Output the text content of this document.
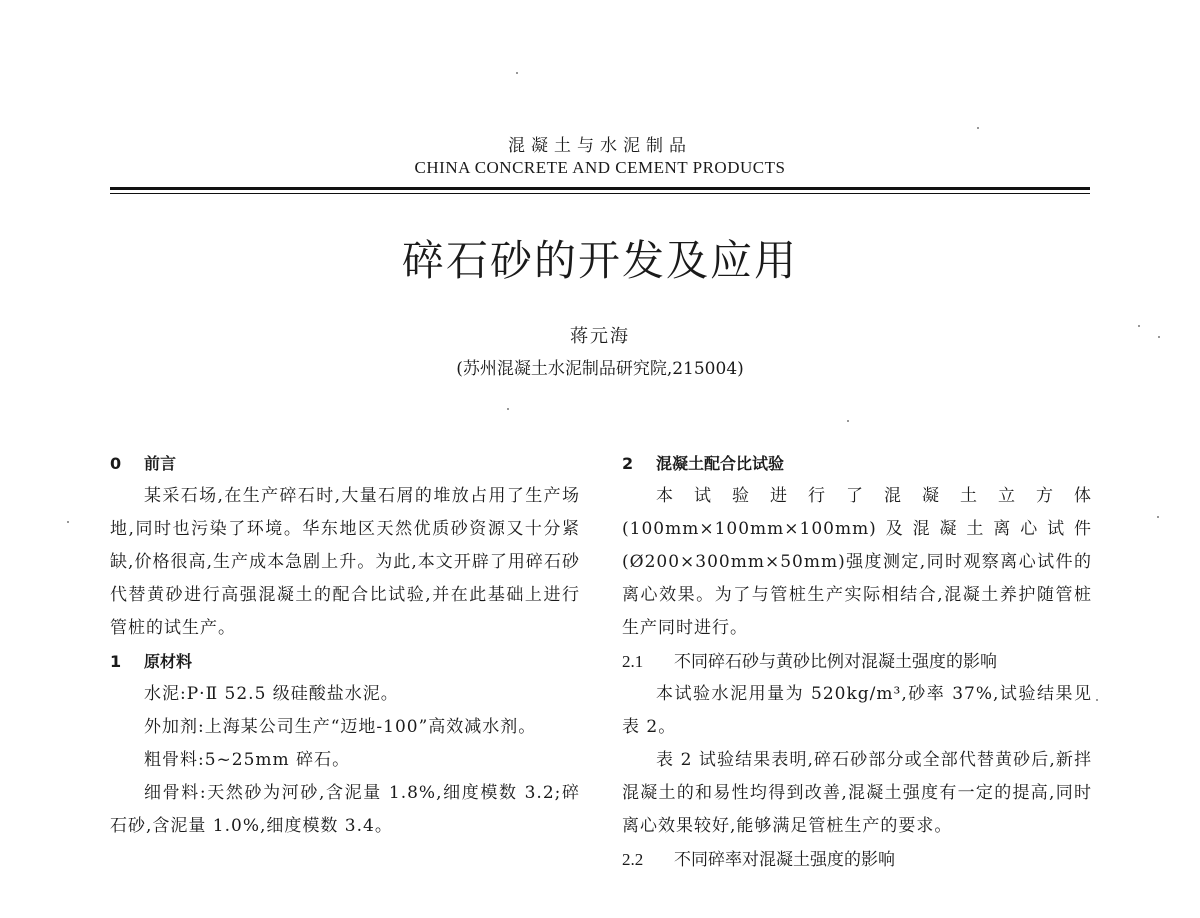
混凝土与水泥制品
CHINA CONCRETE AND CEMENT PRODUCTS
碎石砂的开发及应用
蒋元海
(苏州混凝土水泥制品研究院,215004)
0 前言

某采石场,在生产碎石时,大量石屑的堆放占用了生产场地,同时也污染了环境。华东地区天然优质砂资源又十分紧缺,价格很高,生产成本急剧上升。为此,本文开辟了用碎石砂代替黄砂进行高强混凝土的配合比试验,并在此基础上进行管桩的试生产。

1 原材料

水泥:P·Ⅱ 52.5 级硅酸盐水泥。

外加剂:上海某公司生产“迈地-100”高效减水剂。

粗骨料:5~25mm 碎石。

细骨料:天然砂为河砂,含泥量 1.8%,细度模数 3.2;碎石砂,含泥量 1.0%,细度模数 3.4。

2 混凝土配合比试验

本试验进行了混凝土立方体(100mm×100mm×100mm)及混凝土离心试件(Ø200×300mm×50mm)强度测定,同时观察离心试件的离心效果。为了与管桩生产实际相结合,混凝土养护随管桩生产同时进行。

2.1 不同碎石砂与黄砂比例对混凝土强度的影响

本试验水泥用量为 520kg/m³,砂率 37%,试验结果见表 2。

表 2 试验结果表明,碎石砂部分或全部代替黄砂后,新拌混凝土的和易性均得到改善,混凝土强度有一定的提高,同时离心效果较好,能够满足管桩生产的要求。

2.2 不同碎率对混凝土强度的影响
